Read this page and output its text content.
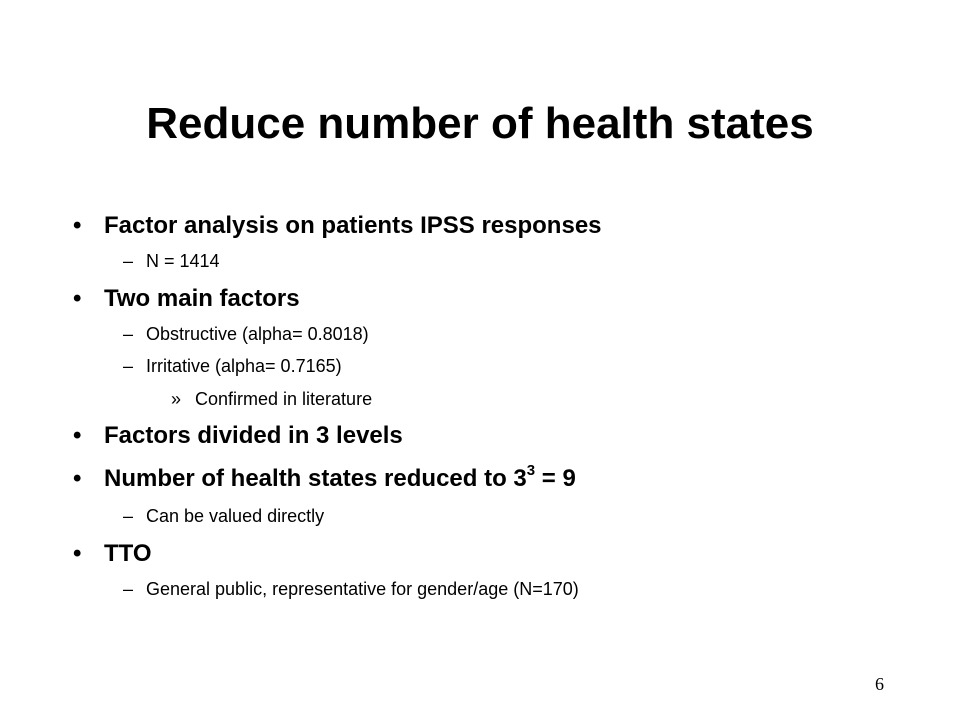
Reduce number of health states
• Factor analysis on patients IPSS responses
– N = 1414
• Two main factors
– Obstructive (alpha= 0.8018)
– Irritative (alpha= 0.7165)
» Confirmed in literature
• Factors divided in 3 levels
• Number of health states reduced to $3^3 = 9$
– Can be valued directly
• TTO
– General public, representative for gender/age (N=170)
6
